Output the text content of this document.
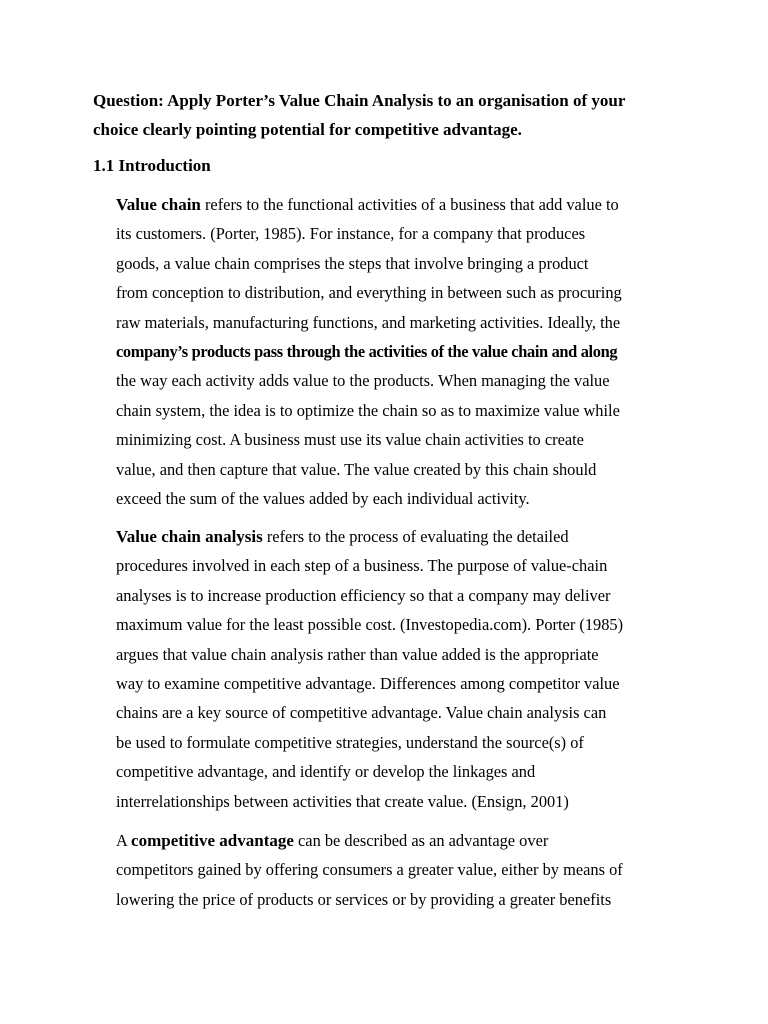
Question: Apply Porter’s Value Chain Analysis to an organisation of your
choice clearly pointing potential for competitive advantage.
1.1 Introduction
Value chain refers to the functional activities of a business that add value to
its customers. (Porter, 1985). For instance, for a company that produces
goods, a value chain comprises the steps that involve bringing a product
from conception to distribution, and everything in between such as procuring
raw materials, manufacturing functions, and marketing activities. Ideally, the
company’s products pass through the activities of the value chain and along
the way each activity adds value to the products. When managing the value
chain system, the idea is to optimize the chain so as to maximize value while
minimizing cost. A business must use its value chain activities to create
value, and then capture that value. The value created by this chain should
exceed the sum of the values added by each individual activity.
Value chain analysis refers to the process of evaluating the detailed
procedures involved in each step of a business. The purpose of value-chain
analyses is to increase production efficiency so that a company may deliver
maximum value for the least possible cost. (Investopedia.com). Porter (1985)
argues that value chain analysis rather than value added is the appropriate
way to examine competitive advantage. Differences among competitor value
chains are a key source of competitive advantage. Value chain analysis can
be used to formulate competitive strategies, understand the source(s) of
competitive advantage, and identify or develop the linkages and
interrelationships between activities that create value. (Ensign, 2001)
A competitive advantage can be described as an advantage over
competitors gained by offering consumers a greater value, either by means of
lowering the price of products or services or by providing a greater benefits
